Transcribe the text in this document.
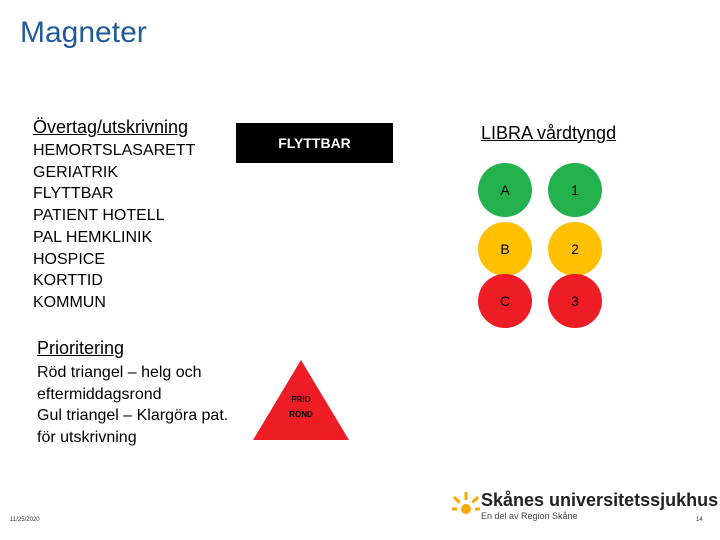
Magneter
Övertag/utskrivning
HEMORTSLASARETT
GERIATRIK
FLYTTBAR
PATIENT HOTELL
PAL HEMKLINIK
HOSPICE
KORTTID
KOMMUN
FLYTTBAR	LIBRA vårdtyngd
A	1
B	2
C	3
Prioritering
Röd triangel – helg och eftermiddagsrond
Gul triangel – Klargöra pat. för utskrivning
PRIO
ROND
Skånes universitetssjukhus
En del av Region Skåne
11/25/2020	14
